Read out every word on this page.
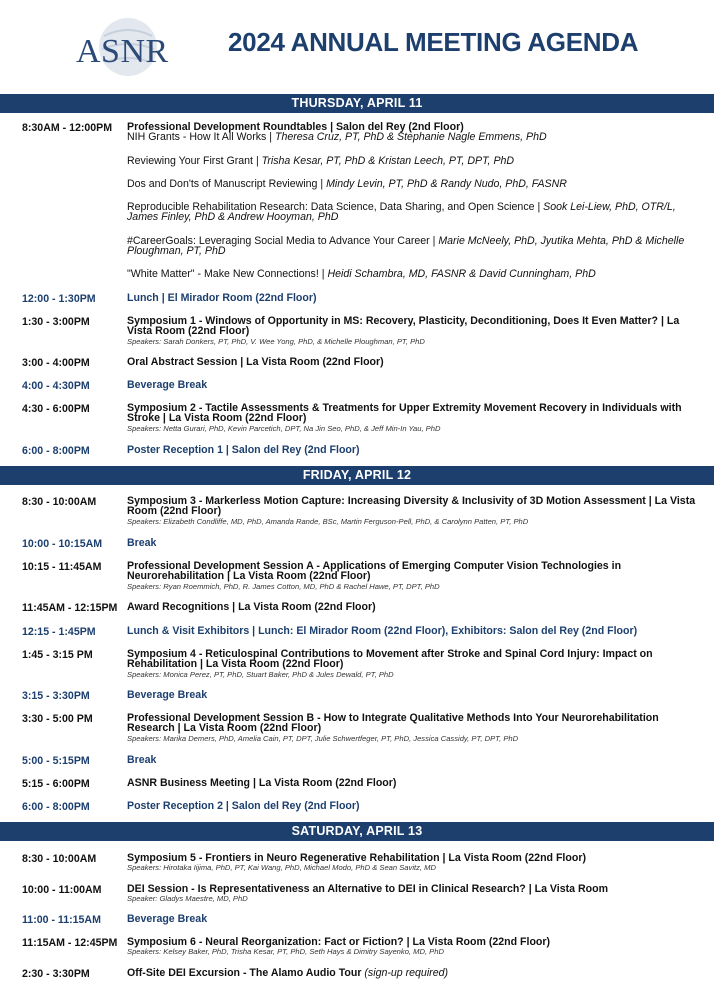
ASNR 2024 ANNUAL MEETING AGENDA
THURSDAY, APRIL 11
8:30AM - 12:00PM Professional Development Roundtables | Salon del Rey (2nd Floor)
NIH Grants - How It All Works | Theresa Cruz, PT, PhD & Stephanie Nagle Emmens, PhD
Reviewing Your First Grant | Trisha Kesar, PT, PhD & Kristan Leech, PT, DPT, PhD
Dos and Don'ts of Manuscript Reviewing | Mindy Levin, PT, PhD & Randy Nudo, PhD, FASNR
Reproducible Rehabilitation Research: Data Science, Data Sharing, and Open Science | Sook Lei-Liew, PhD, OTR/L, James Finley, PhD & Andrew Hooyman, PhD
#CareerGoals: Leveraging Social Media to Advance Your Career | Marie McNeely, PhD, Jyutika Mehta, PhD & Michelle Ploughman, PT, PhD
"White Matter" - Make New Connections! | Heidi Schambra, MD, FASNR & David Cunningham, PhD
12:00 - 1:30PM	Lunch | El Mirador Room (22nd Floor)
1:30 - 3:00PM	Symposium 1 - Windows of Opportunity in MS: Recovery, Plasticity, Deconditioning, Does It Even Matter? | La Vista Room (22nd Floor)
Speakers: Sarah Donkers, PT, PhD, V. Wee Yong, PhD, & Michelle Ploughman, PT, PhD
3:00 - 4:00PM	Oral Abstract Session | La Vista Room (22nd Floor)
4:00 - 4:30PM	Beverage Break
4:30 - 6:00PM	Symposium 2 - Tactile Assessments & Treatments for Upper Extremity Movement Recovery in Individuals with Stroke | La Vista Room (22nd Floor)
Speakers: Netta Gurari, PhD, Kevin Parcetich, DPT, Na Jin Seo, PhD, & Jeff Min-In Yau, PhD
6:00 - 8:00PM	Poster Reception 1 | Salon del Rey (2nd Floor)
FRIDAY, APRIL 12
8:30 - 10:00AM	Symposium 3 - Markerless Motion Capture: Increasing Diversity & Inclusivity of 3D Motion Assessment | La Vista Room (22nd Floor)
Speakers: Elizabeth Condliffe, MD, PhD, Amanda Rande, BSc, Martin Ferguson-Pell, PhD, & Carolynn Patten, PT, PhD
10:00 - 10:15AM Break
10:15 - 11:45AM Professional Development Session A - Applications of Emerging Computer Vision Technologies in Neurorehabilitation | La Vista Room (22nd Floor)
Speakers: Ryan Roemmich, PhD, R. James Cotton, MD, PhD & Rachel Hawe, PT, DPT, PhD
11:45AM - 12:15PM Award Recognitions | La Vista Room (22nd Floor)
12:15 - 1:45PM	Lunch & Visit Exhibitors | Lunch: El Mirador Room (22nd Floor), Exhibitors: Salon del Rey (2nd Floor)
1:45 - 3:15 PM	Symposium 4 - Reticulospinal Contributions to Movement after Stroke and Spinal Cord Injury: Impact on Rehabilitation | La Vista Room (22nd Floor)
Speakers: Monica Perez, PT, PhD, Stuart Baker, PhD & Jules Dewald, PT, PhD
3:15 - 3:30PM	Beverage Break
3:30 - 5:00 PM	Professional Development Session B - How to Integrate Qualitative Methods Into Your Neurorehabilitation Research | La Vista Room (22nd Floor)
Speakers: Marika Demers, PhD, Amelia Cain, PT, DPT, Julie Schwertfeger, PT, PhD, Jessica Cassidy, PT, DPT, PhD
5:00 - 5:15PM	Break
5:15 - 6:00PM	ASNR Business Meeting | La Vista Room (22nd Floor)
6:00 - 8:00PM	Poster Reception 2 | Salon del Rey (2nd Floor)
SATURDAY, APRIL 13
8:30 - 10:00AM	Symposium 5 - Frontiers in Neuro Regenerative Rehabilitation | La Vista Room (22nd Floor)
Speakers: Hirotaka Iijima, PhD, PT, Kai Wang, PhD, Michael Modo, PhD & Sean Savitz, MD
10:00 - 11:00AM DEI Session - Is Representativeness an Alternative to DEI in Clinical Research? | La Vista Room
Speaker: Gladys Maestre, MD, PhD
11:00 - 11:15AM Beverage Break
11:15AM - 12:45PM Symposium 6 - Neural Reorganization: Fact or Fiction? | La Vista Room (22nd Floor)
Speakers: Kelsey Baker, PhD, Trisha Kesar, PT, PhD, Seth Hays & Dimitry Sayenko, MD, PhD
2:30 - 3:30PM	Off-Site DEI Excursion - The Alamo Audio Tour (sign-up required)
